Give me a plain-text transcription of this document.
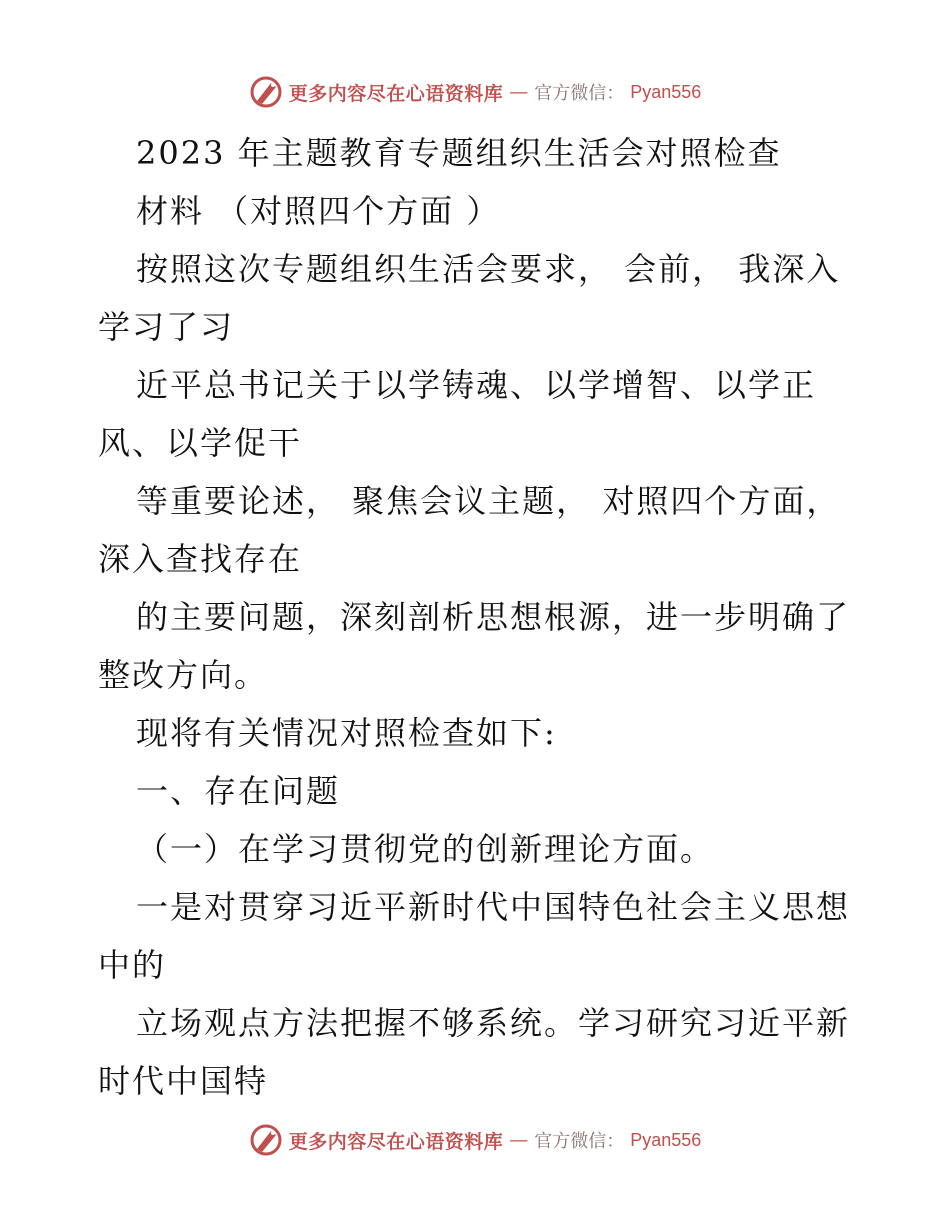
更多内容尽在心语资料库 — 官方微信： Pyan556
2023 年主题教育专题组织生活会对照检查
材料 （对照四个方面 ）
按照这次专题组织生活会要求， 会前， 我深入
学习了习
近平总书记关于以学铸魂、以学增智、以学正
风、以学促干
等重要论述， 聚焦会议主题， 对照四个方面，
深入查找存在
的主要问题，深刻剖析思想根源，进一步明确了
整改方向。
现将有关情况对照检查如下:
一、存在问题
（一）在学习贯彻党的创新理论方面。
一是对贯穿习近平新时代中国特色社会主义思想
中的
立场观点方法把握不够系统。学习研究习近平新
时代中国特
更多内容尽在心语资料库 — 官方微信： Pyan556
